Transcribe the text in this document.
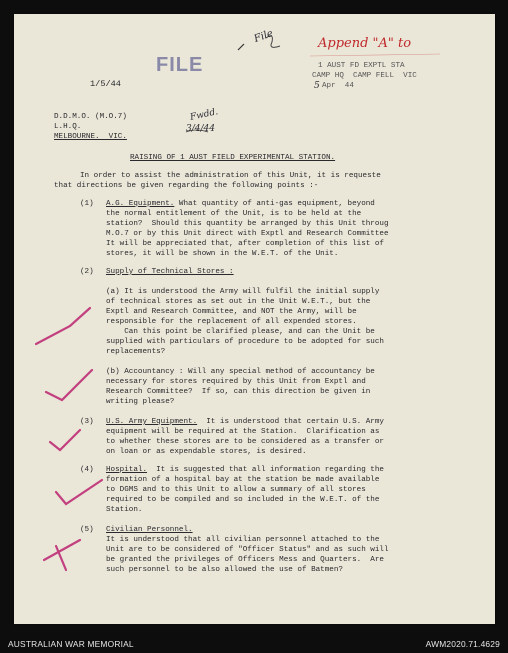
FILE
File	Append "A" to
1/5/44
1 AUST FD EXPTL STA
CAMP HQ  CAMP FELL  VIC
5 Apr  44
D.D.M.O. (M.O.7)
L.H.Q.
MELBOURNE.  VIC.
Fwdd.
3/4/44
RAISING OF 1 AUST FIELD EXPERIMENTAL STATION.
In order to assist the administration of this Unit, it is requeste
that directions be given regarding the following points :-
(1) A.G. Equipment. What quantity of anti-gas equipment, beyond
the normal entitlement of the Unit, is to be held at the
station?  Should this quantity be arranged by this Unit throug
M.O.7 or by this Unit direct with Exptl and Research Committee
It will be appreciated that, after completion of this list of
stores, it will be shown in the W.E.T. of the Unit.
(2) Supply of Technical Stores :
(a) It is understood the Army will fulfil the initial supply
of technical stores as set out in the Unit W.E.T., but the
Exptl and Research Committee, and NOT the Army, will be
responsible for the replacement of all expended stores.
Can this point be clarified please, and can the Unit be
supplied with particulars of procedure to be adopted for such
replacements?
(b) Accountancy : Will any special method of accountancy be
necessary for stores required by this Unit from Exptl and
Research Committee?  If so, can this direction be given in
writing please?
(3) U.S. Army Equipment.  It is understood that certain U.S. Army
equipment will be required at the Station.  Clarification as
to whether these stores are to be considered as a transfer or
on loan or as expendable stores, is desired.
(4) Hospital.  It is suggested that all information regarding the
formation of a hospital bay at the station be made available
to DGMS and to this Unit to allow a summary of all stores
required to be compiled and so included in the W.E.T. of the
Station.
(5) Civilian Personnel.
It is understood that all civilian personnel attached to the
Unit are to be considered of "Officer Status" and as such will
be granted the privileges of Officers Mess and Quarters.  Are
such personnel to be also allowed the use of Batmen?
AUSTRALIAN WAR MEMORIAL	AWM2020.71.4629
